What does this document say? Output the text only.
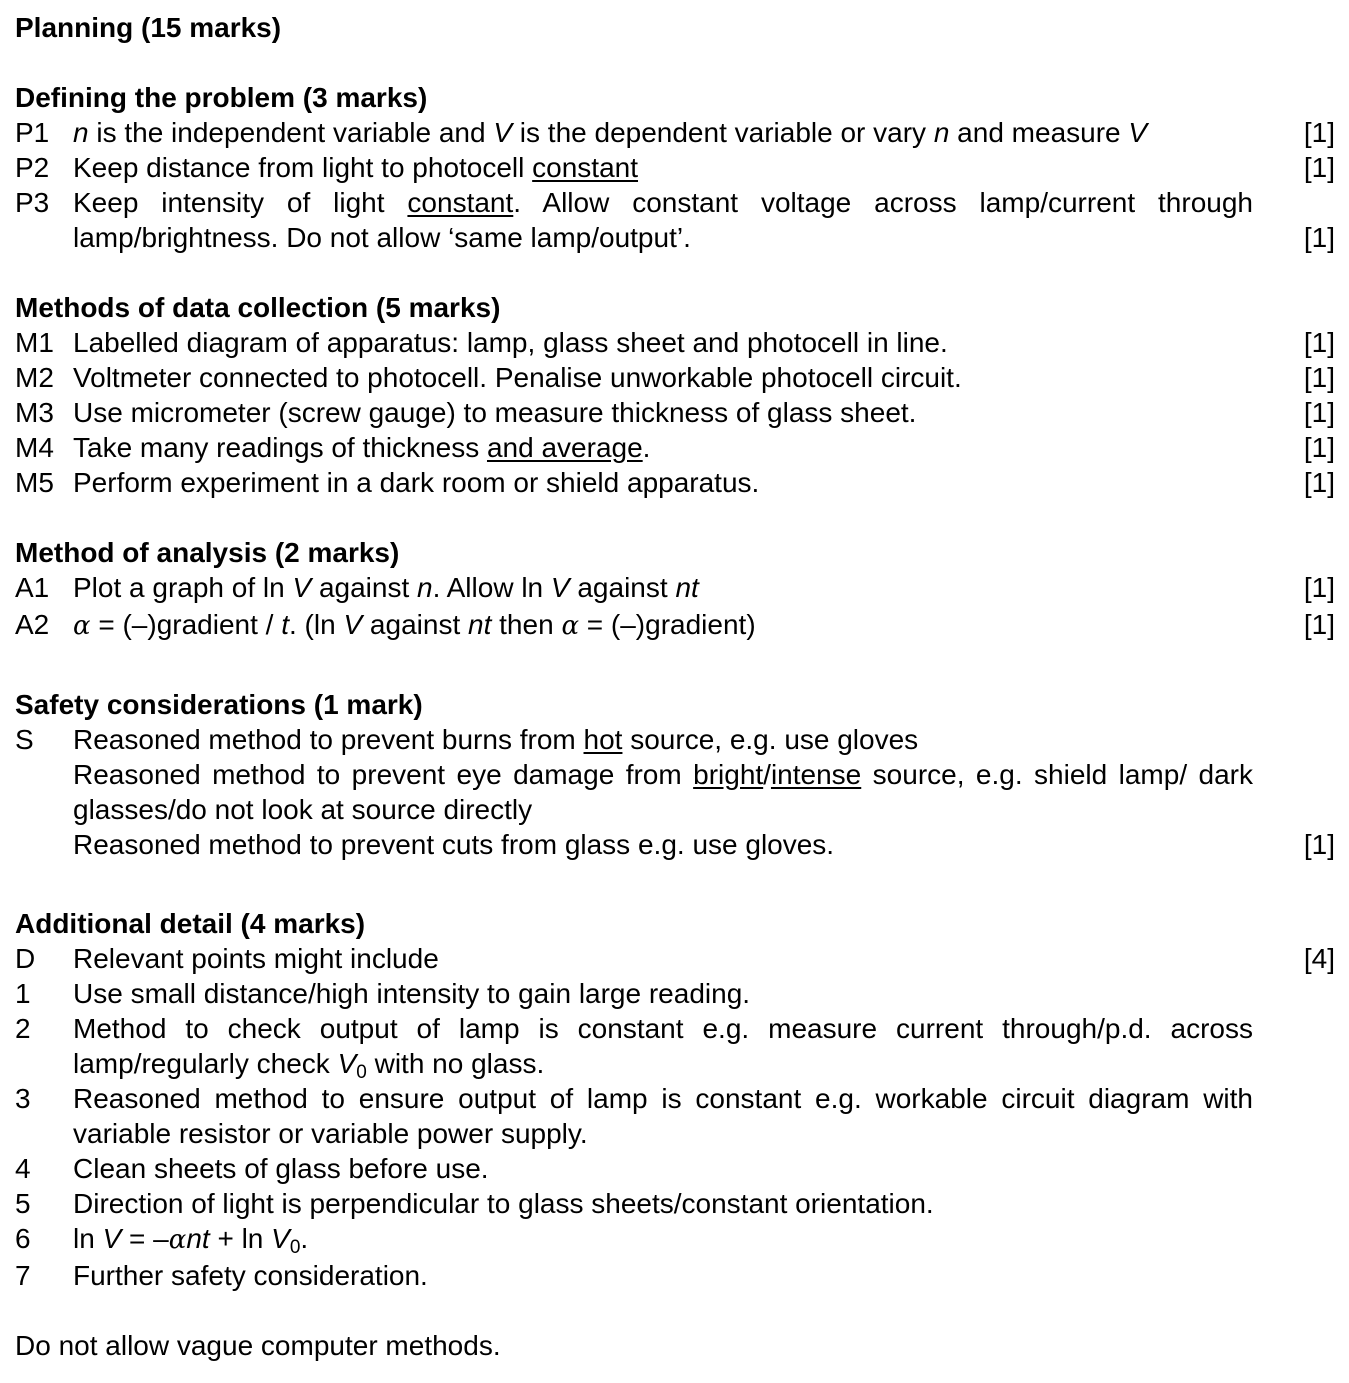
Planning (15 marks)
Defining the problem (3 marks)
P1 n is the independent variable and V is the dependent variable or vary n and measure V	[1]
P2 Keep distance from light to photocell constant	[1]
P3 Keep intensity of light constant. Allow constant voltage across lamp/current through lamp/brightness. Do not allow ‘same lamp/output’.	[1]
Methods of data collection (5 marks)
M1 Labelled diagram of apparatus: lamp, glass sheet and photocell in line.	[1]
M2 Voltmeter connected to photocell. Penalise unworkable photocell circuit.	[1]
M3 Use micrometer (screw gauge) to measure thickness of glass sheet.	[1]
M4 Take many readings of thickness and average.	[1]
M5 Perform experiment in a dark room or shield apparatus.	[1]
Method of analysis (2 marks)
A1 Plot a graph of ln V against n. Allow ln V against nt	[1]
A2 α = (–)gradient / t. (ln V against nt then α = (–)gradient)	[1]
Safety considerations (1 mark)
S	Reasoned method to prevent burns from hot source, e.g. use gloves
Reasoned method to prevent eye damage from bright/intense source, e.g. shield lamp/ dark glasses/do not look at source directly
Reasoned method to prevent cuts from glass e.g. use gloves.	[1]
Additional detail (4 marks)
D	Relevant points might include	[4]
1	Use small distance/high intensity to gain large reading.
2	Method to check output of lamp is constant e.g. measure current through/p.d. across lamp/regularly check $V_0$ with no glass.
3	Reasoned method to ensure output of lamp is constant e.g. workable circuit diagram with variable resistor or variable power supply.
4	Clean sheets of glass before use.
5	Direction of light is perpendicular to glass sheets/constant orientation.
6	$\ln V = -\alpha nt + \ln V_0$.
7	Further safety consideration.
Do not allow vague computer methods.
